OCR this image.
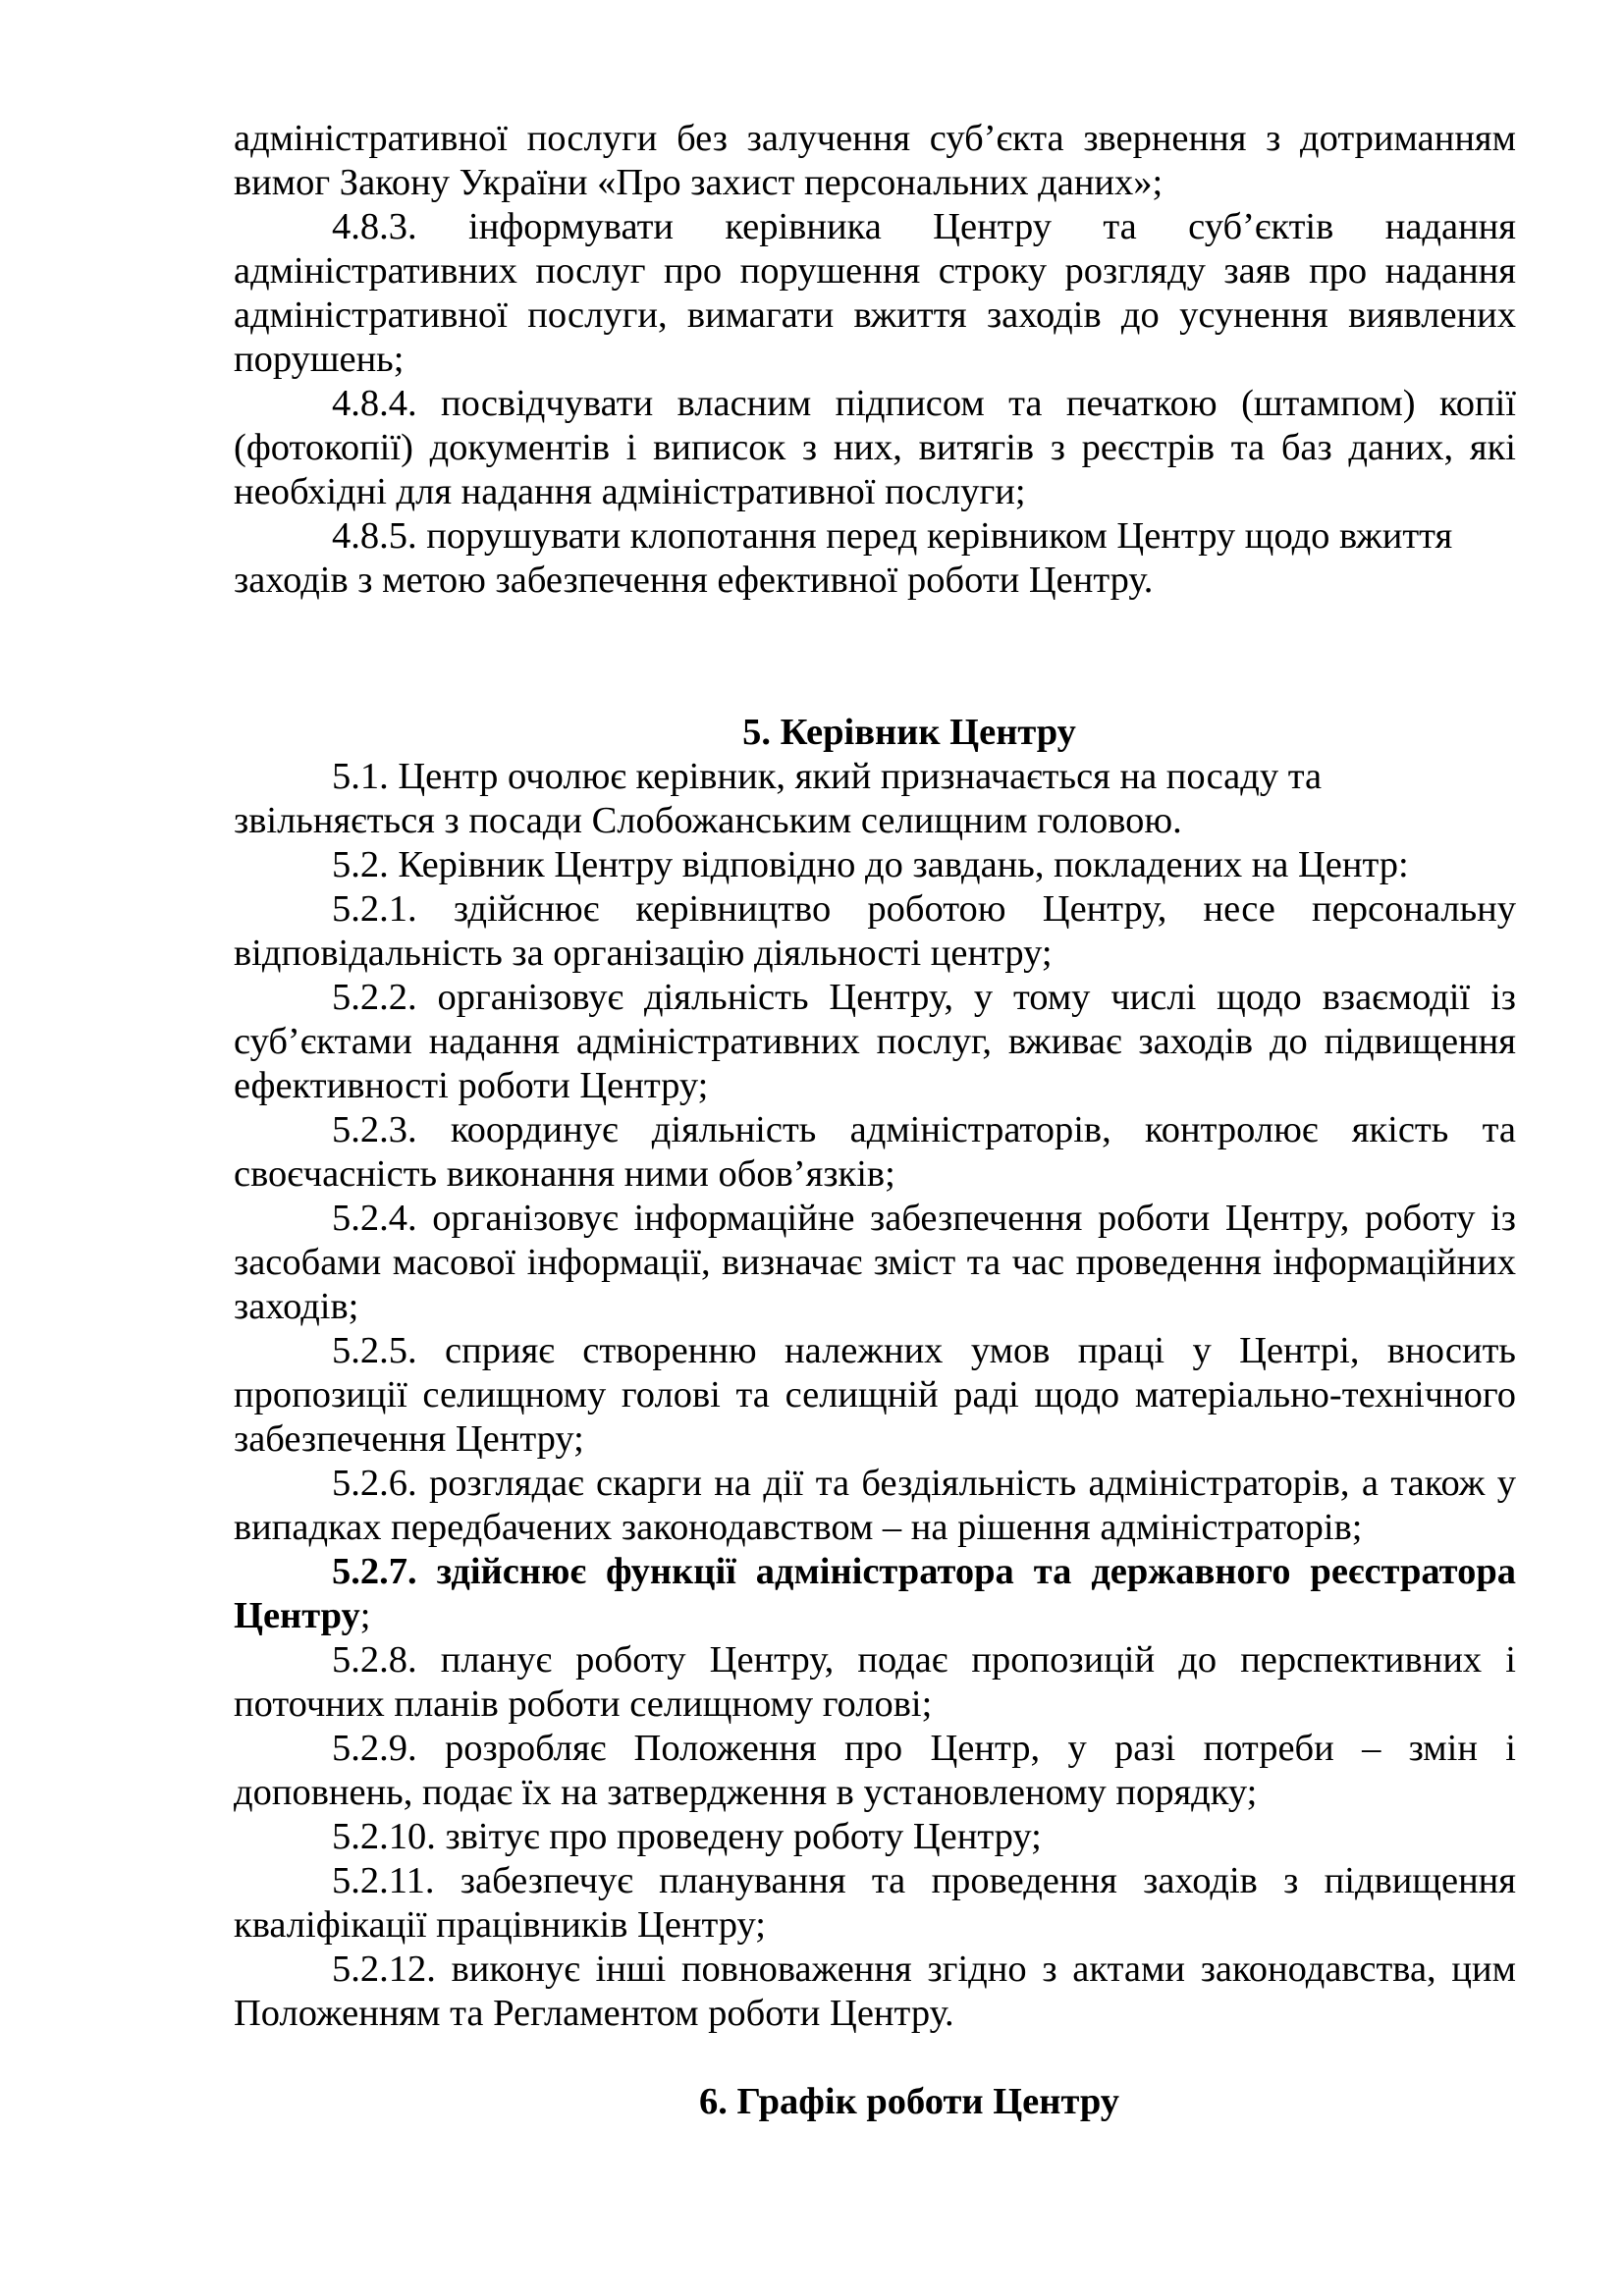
адміністративної послуги без залучення суб’єкта звернення з дотриманням вимог Закону України «Про захист персональних даних»;

4.8.3. інформувати керівника Центру та суб’єктів надання адміністративних послуг про порушення строку розгляду заяв про надання адміністративної послуги, вимагати вжиття заходів до усунення виявлених порушень;

4.8.4. посвідчувати власним підписом та печаткою (штампом) копії (фотокопії) документів і виписок з них, витягів з реєстрів та баз даних, які необхідні для надання адміністративної послуги;

4.8.5. порушувати клопотання перед керівником Центру щодо вжиття заходів з метою забезпечення ефективної роботи Центру.

5. Керівник Центру

5.1. Центр очолює керівник, який призначається на посаду та звільняється з посади Слобожанським селищним головою.

5.2. Керівник Центру відповідно до завдань, покладених на Центр:

5.2.1. здійснює керівництво роботою Центру, несе персональну відповідальність за організацію діяльності центру;

5.2.2. організовує діяльність Центру, у тому числі щодо взаємодії із суб’єктами надання адміністративних послуг, вживає заходів до підвищення ефективності роботи Центру;

5.2.3. координує діяльність адміністраторів, контролює якість та своєчасність виконання ними обов’язків;

5.2.4. організовує інформаційне забезпечення роботи Центру, роботу із засобами масової інформації, визначає зміст та час проведення інформаційних заходів;

5.2.5. сприяє створенню належних умов праці у Центрі, вносить пропозиції селищному голові та селищній раді щодо матеріально-технічного забезпечення Центру;

5.2.6. розглядає скарги на дії та бездіяльність адміністраторів, а також у випадках передбачених законодавством – на рішення адміністраторів;

5.2.7. здійснює функції адміністратора та державного реєстратора Центру;

5.2.8. планує роботу Центру, подає пропозицій до перспективних і поточних планів роботи селищному голові;

5.2.9. розробляє Положення про Центр, у разі потреби – змін і доповнень, подає їх на затвердження в установленому порядку;

5.2.10. звітує про проведену роботу Центру;

5.2.11. забезпечує планування та проведення заходів з підвищення кваліфікації працівників Центру;

5.2.12. виконує інші повноваження згідно з актами законодавства, цим Положенням та Регламентом роботи Центру.

6. Графік роботи Центру
